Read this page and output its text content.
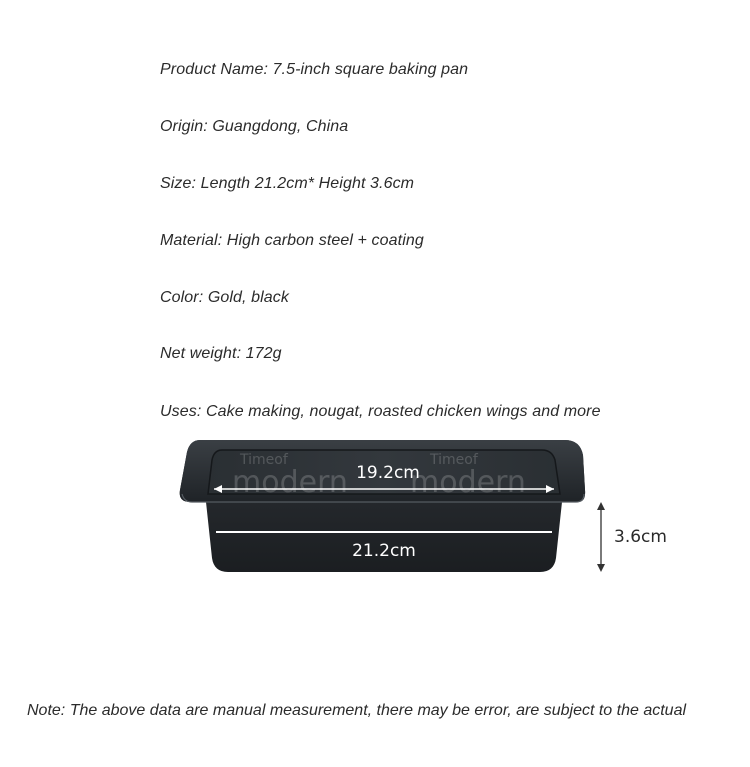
Product Name: 7.5-inch square baking pan
Origin: Guangdong, China
Size: Length 21.2cm* Height 3.6cm
Material: High carbon steel + coating
Color: Gold, black
Net weight: 172g
Uses: Cake making, nougat, roasted chicken wings and more
Timeof
modern
Timeof
modern
19.2cm
21.2cm
3.6cm
Note: The above data are manual measurement, there may be error, are subject to the actual
